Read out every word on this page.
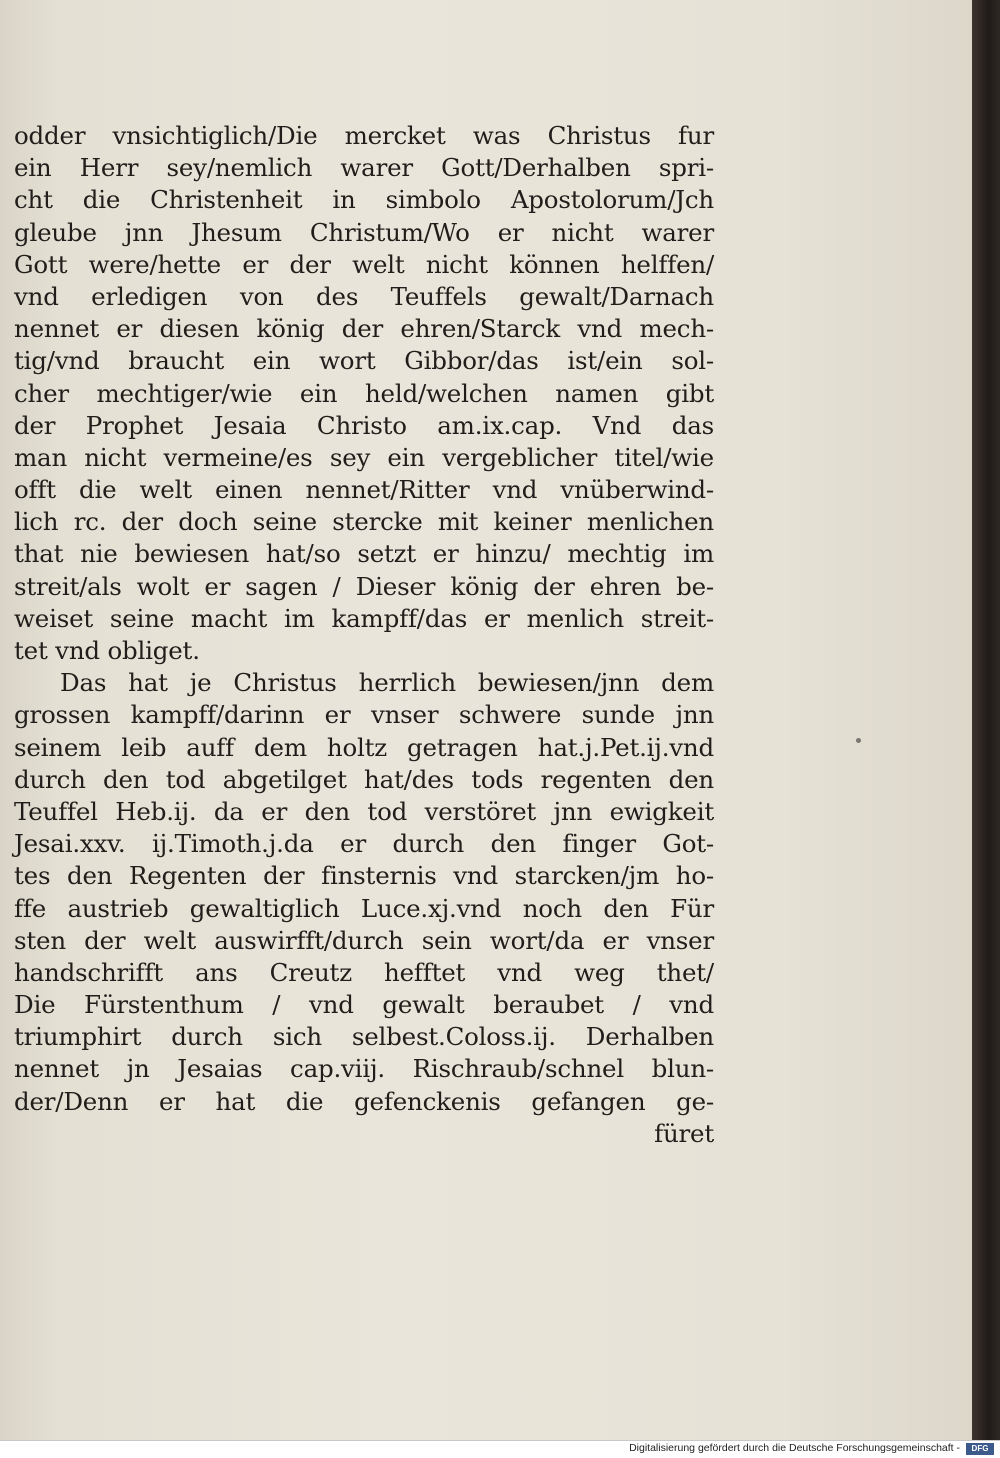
odder vnsichtiglich/Die mercket was Christus fur
ein Herr sey/nemlich warer Gott/Derhalben spri-
cht die Christenheit in simbolo Apostolorum/Jch
gleube jnn Jhesum Christum/Wo er nicht warer
Gott were/hette er der welt nicht können helffen/
vnd erledigen von des Teuffels gewalt/Darnach
nennet er diesen könig der ehren/Starck vnd mech-
tig/vnd braucht ein wort Gibbor/das ist/ein sol-
cher mechtiger/wie ein held/welchen namen gibt
der Prophet Jesaia Christo am.ix.cap. Vnd das
man nicht vermeine/es sey ein vergeblicher titel/wie
offt die welt einen nennet/Ritter vnd vnüberwind-
lich rc. der doch seine stercke mit keiner menlichen
that nie bewiesen hat/so setzt er hinzu/ mechtig im
streit/als wolt er sagen / Dieser könig der ehren be-
weiset seine macht im kampff/das er menlich streit-
tet vnd obliget.
Das hat je Christus herrlich bewiesen/jnn dem
grossen kampff/darinn er vnser schwere sunde jnn
seinem leib auff dem holtz getragen hat.j.Pet.ij.vnd
durch den tod abgetilget hat/des tods regenten den
Teuffel Heb.ij. da er den tod verstöret jnn ewigkeit
Jesai.xxv. ij.Timoth.j.da er durch den finger Got-
tes den Regenten der finsternis vnd starcken/jm ho-
ffe austrieb gewaltiglich Luce.xj.vnd noch den Für
sten der welt auswirfft/durch sein wort/da er vnser
handschrifft ans Creutz hefftet vnd weg thet/
Die Fürstenthum / vnd gewalt beraubet / vnd
triumphirt durch sich selbest.Coloss.ij. Derhalben
nennet jn Jesaias cap.viij. Rischraub/schnel blun-
der/Denn er hat die gefenckenis gefangen ge-
füret
Digitalisierung gefördert durch die Deutsche Forschungsgemeinschaft -	DFG
